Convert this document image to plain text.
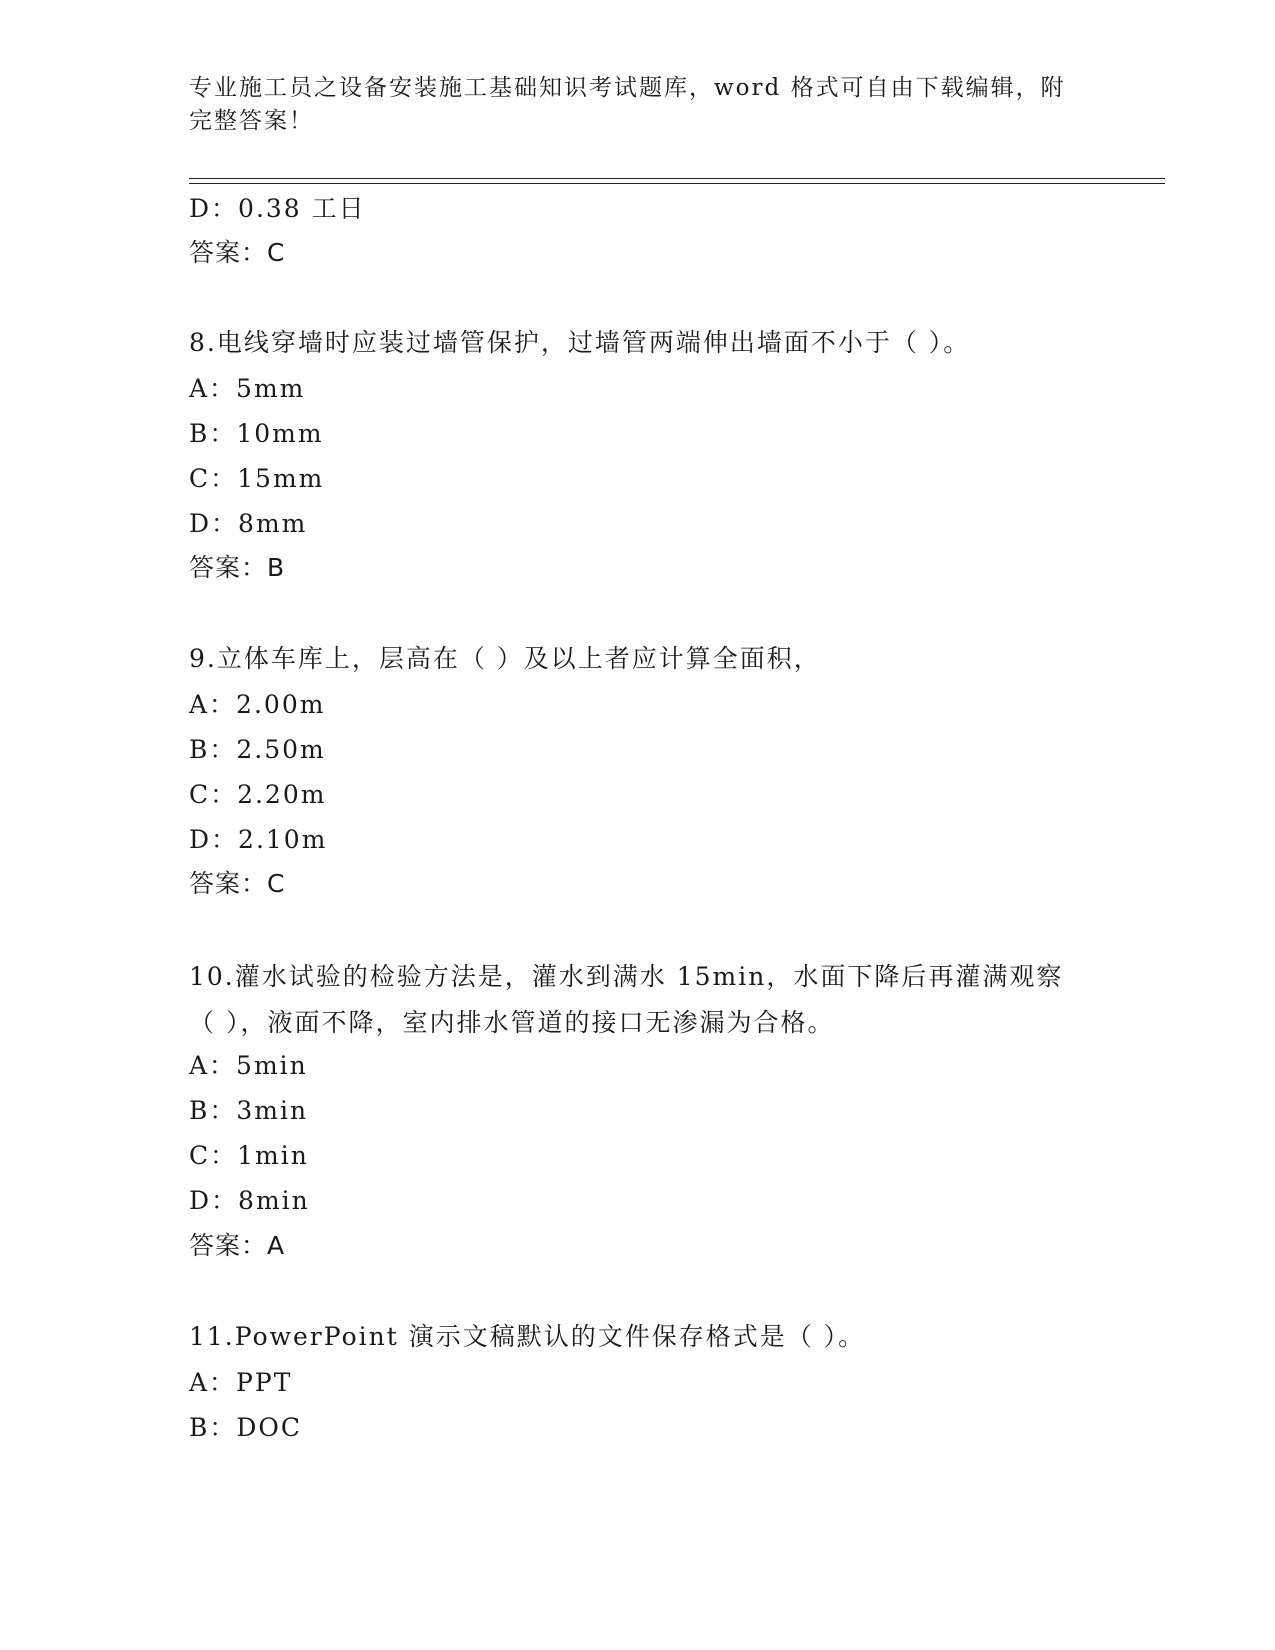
专业施工员之设备安装施工基础知识考试题库，word 格式可自由下载编辑，附完整答案！
D：0.38 工日
答案：C
8.电线穿墙时应装过墙管保护，过墙管两端伸出墙面不小于（ ）。
A：5mm
B：10mm
C：15mm
D：8mm
答案：B
9.立体车库上，层高在（ ）及以上者应计算全面积，
A：2.00m
B：2.50m
C：2.20m
D：2.10m
答案：C
10.灌水试验的检验方法是，灌水到满水 15min，水面下降后再灌满观察（ ），液面不降，室内排水管道的接口无渗漏为合格。
A：5min
B：3min
C：1min
D：8min
答案：A
11.PowerPoint 演示文稿默认的文件保存格式是（ ）。
A：PPT
B：DOC
